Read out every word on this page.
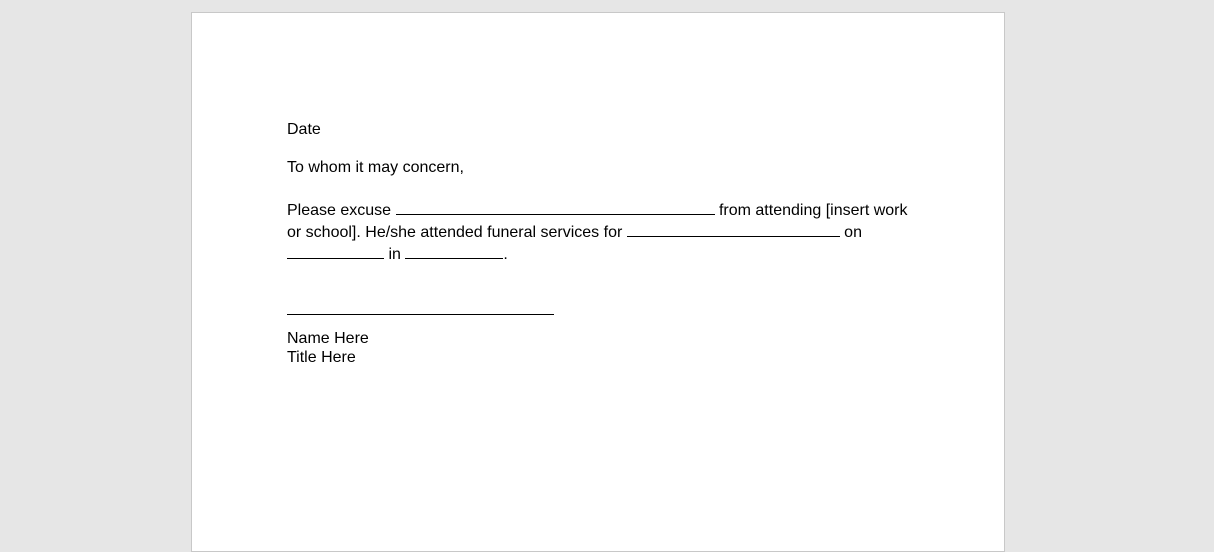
Date
To whom it may concern,
Please excuse	from attending [insert work
or school]. He/she attended funeral services for	on
in	.
Name Here
Title Here
